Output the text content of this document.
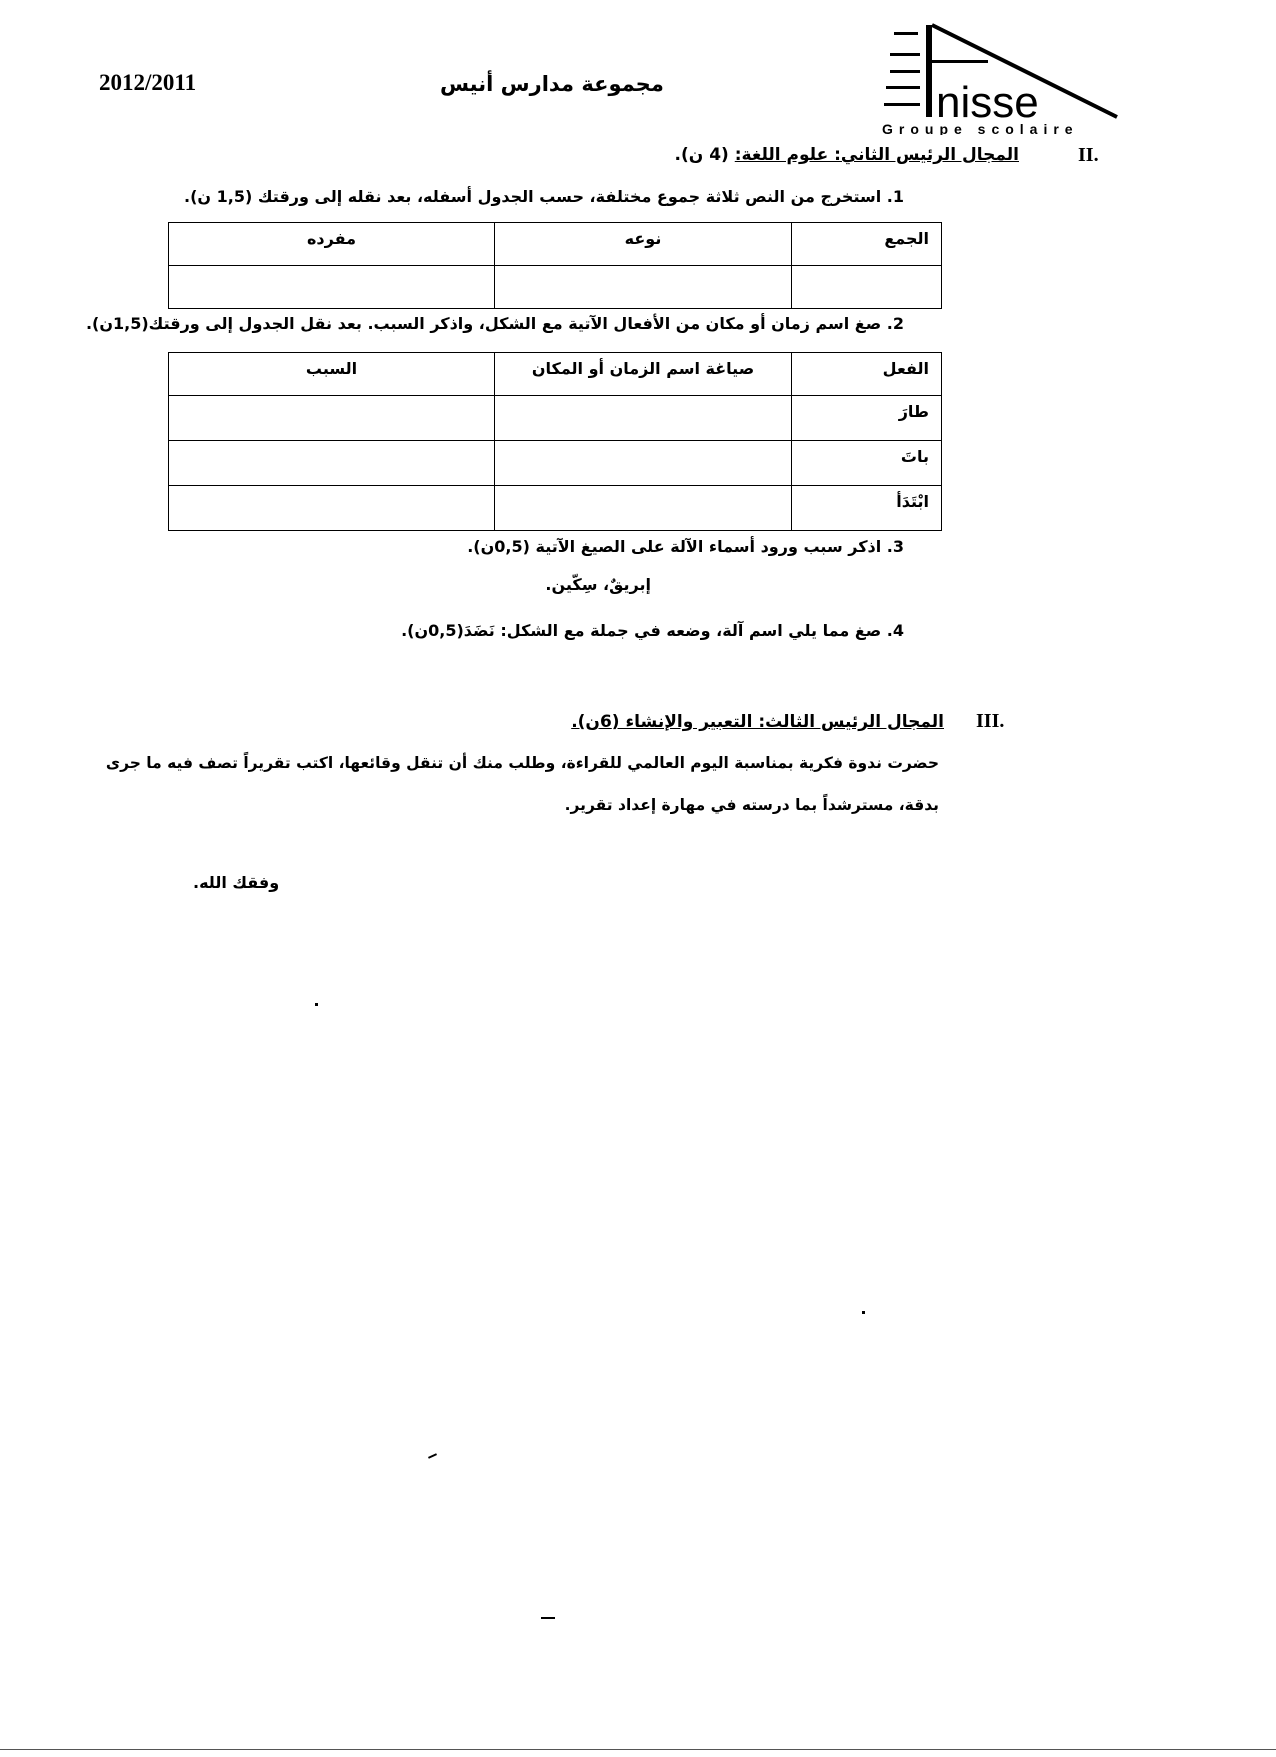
2012/2011	مجموعة مدارس أنيس	nisse
Groupe scolaire
II.
المجال الرئيس الثاني: علوم اللغة: (4 ن).
1. استخرج من النص ثلاثة جموع مختلفة، حسب الجدول أسفله، بعد نقله إلى ورقتك (1,5 ن).
الجمع	نوعه	مفرده

2. صغ اسم زمان أو مكان من الأفعال الآتية مع الشكل، واذكر السبب. بعد نقل الجدول إلى ورقتك(1,5ن).
الفعل	صياغة اسم الزمان أو المكان	السبب
طارَ		
باتَ		
ابْتَدَأ		
3. اذكر سبب ورود أسماء الآلة على الصيغ الآتية (0,5ن).
إبريقٌ، سِكّين.
4. صغ مما يلي اسم آلة، وضعه في جملة مع الشكل: نَضَدَ(0,5ن).
III.
المجال الرئيس الثالث: التعبير والإنشاء (6ن).
حضرت ندوة فكرية بمناسبة اليوم العالمي للقراءة، وطلب منك أن تنقل وقائعها، اكتب تقريراً تصف فيه ما جرى
بدقة، مسترشداً بما درسته في مهارة إعداد تقرير.
وفقك الله.
